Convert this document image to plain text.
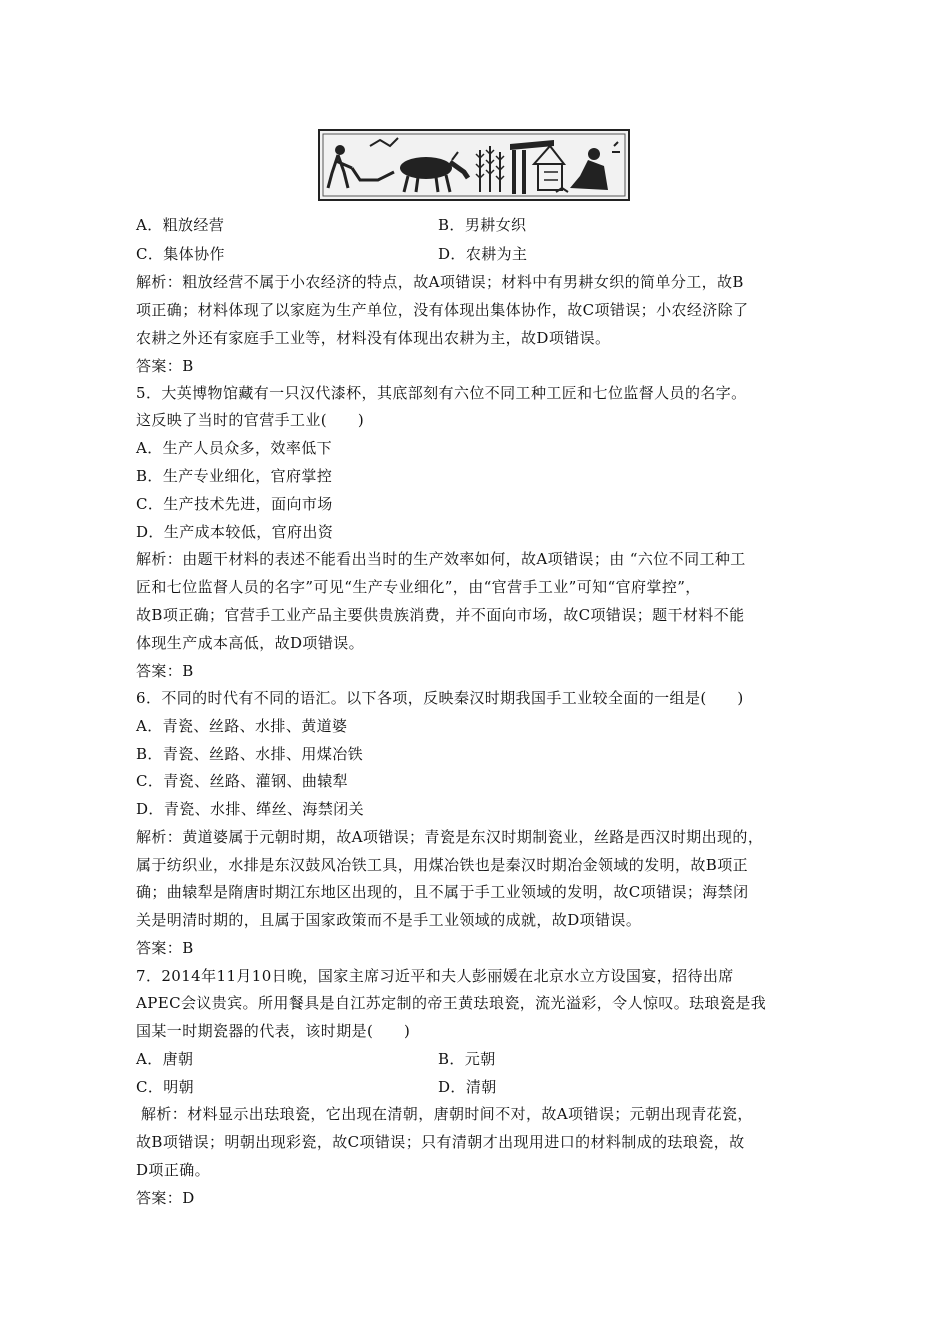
A．粗放经营	B．男耕女织
C．集体协作	D．农耕为主
解析：粗放经营不属于小农经济的特点，故A项错误；材料中有男耕女织的简单分工，故B
项正确；材料体现了以家庭为生产单位，没有体现出集体协作，故C项错误；小农经济除了
农耕之外还有家庭手工业等，材料没有体现出农耕为主，故D项错误。
答案：B
5．大英博物馆藏有一只汉代漆杯，其底部刻有六位不同工种工匠和七位监督人员的名字。
这反映了当时的官营手工业(　　)
A．生产人员众多，效率低下
B．生产专业细化，官府掌控
C．生产技术先进，面向市场
D．生产成本较低，官府出资
解析：由题干材料的表述不能看出当时的生产效率如何，故A项错误；由 “六位不同工种工
匠和七位监督人员的名字”可见“生产专业细化”，由“官营手工业”可知“官府掌控”，
故B项正确；官营手工业产品主要供贵族消费，并不面向市场，故C项错误；题干材料不能
体现生产成本高低，故D项错误。
答案：B
6．不同的时代有不同的语汇。以下各项，反映秦汉时期我国手工业较全面的一组是(　　)
A．青瓷、丝路、水排、黄道婆
B．青瓷、丝路、水排、用煤冶铁
C．青瓷、丝路、灌钢、曲辕犁
D．青瓷、水排、缂丝、海禁闭关
解析：黄道婆属于元朝时期，故A项错误；青瓷是东汉时期制瓷业，丝路是西汉时期出现的，
属于纺织业，水排是东汉鼓风冶铁工具，用煤冶铁也是秦汉时期冶金领域的发明，故B项正
确；曲辕犁是隋唐时期江东地区出现的，且不属于手工业领域的发明，故C项错误；海禁闭
关是明清时期的，且属于国家政策而不是手工业领域的成就，故D项错误。
答案：B
7．2014年11月10日晚，国家主席习近平和夫人彭丽媛在北京水立方设国宴，招待出席
APEC会议贵宾。所用餐具是自江苏定制的帝王黄珐琅瓷，流光溢彩，令人惊叹。珐琅瓷是我
国某一时期瓷器的代表，该时期是(　　)
A．唐朝	B．元朝
C．明朝	D．清朝
解析：材料显示出珐琅瓷，它出现在清朝，唐朝时间不对，故A项错误；元朝出现青花瓷，
故B项错误；明朝出现彩瓷，故C项错误；只有清朝才出现用进口的材料制成的珐琅瓷，故
D项正确。
答案：D
